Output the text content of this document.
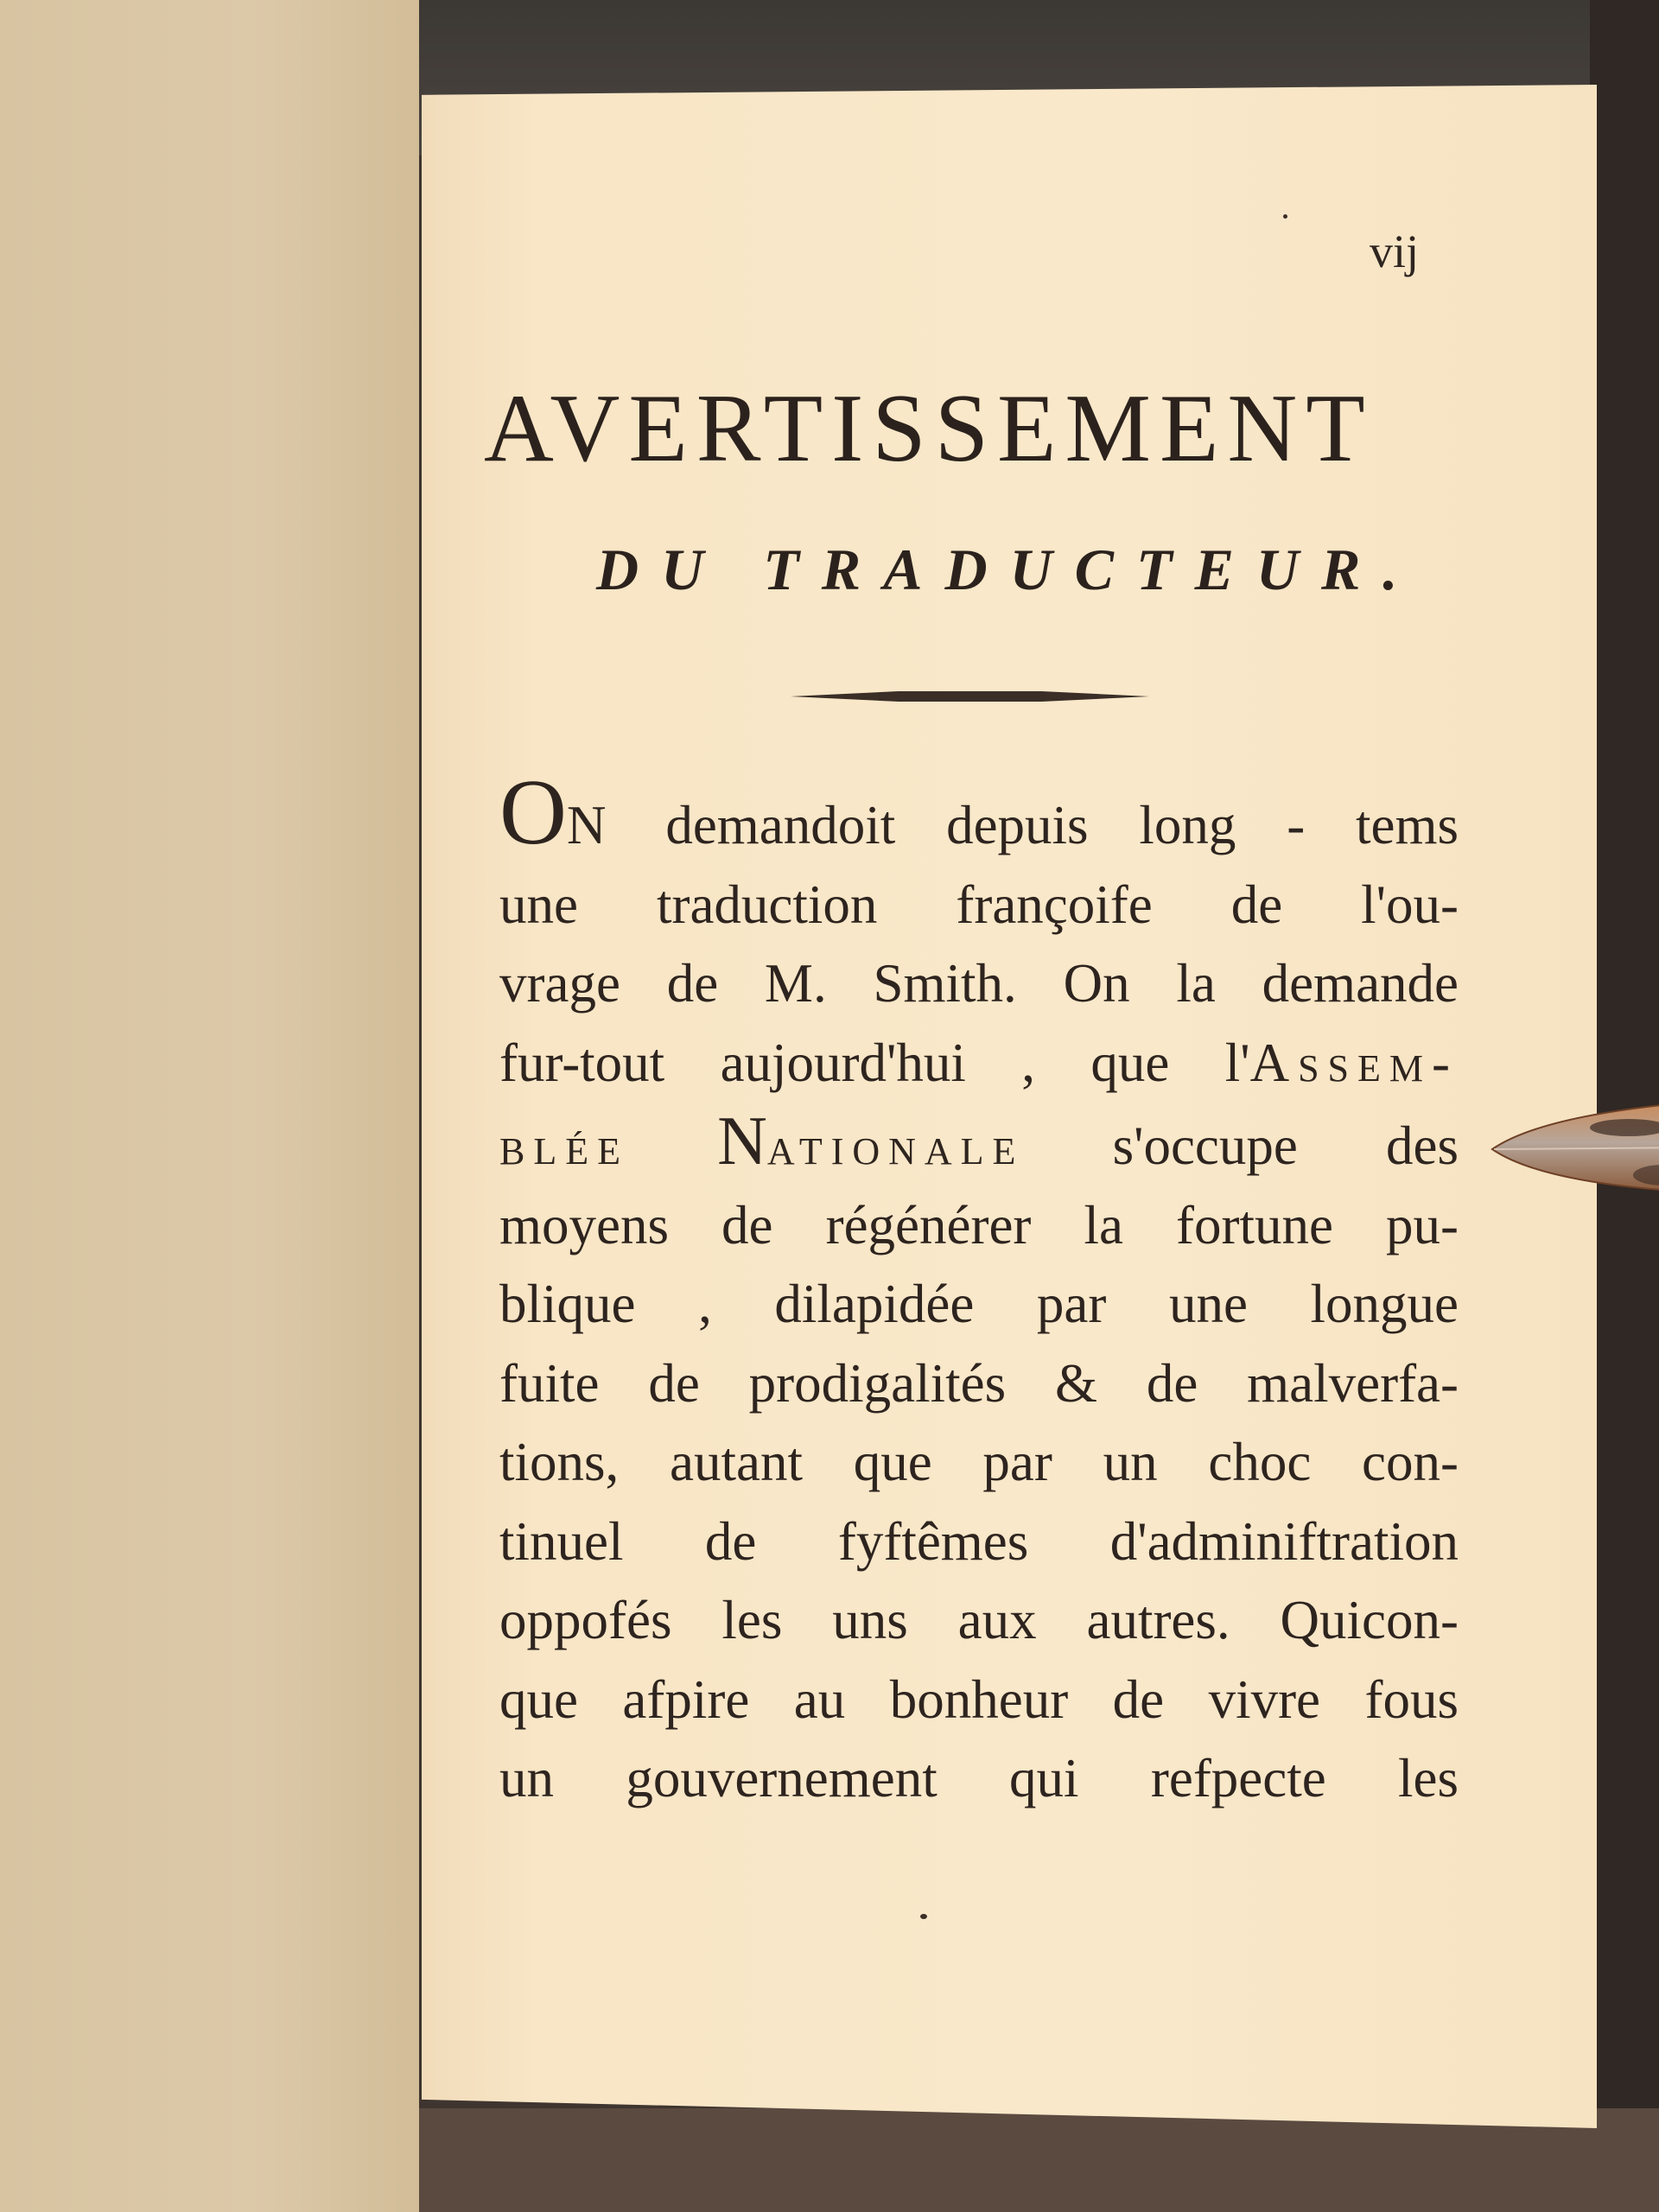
vij
AVERTISSEMENT
DU TRADUCTEUR.
ON demandoit depuis long - tems
une traduction françoife de l'ou-
vrage de M. Smith. On la demande
fur-tout aujourd'hui , que l'Assem-
blée Nationale s'occupe des
moyens de régénérer la fortune pu-
blique , dilapidée par une longue
fuite de prodigalités & de malverfa-
tions, autant que par un choc con-
tinuel de fyftêmes d'adminiftration
oppofés les uns aux autres. Quicon-
que afpire au bonheur de vivre fous
un gouvernement qui refpecte les
